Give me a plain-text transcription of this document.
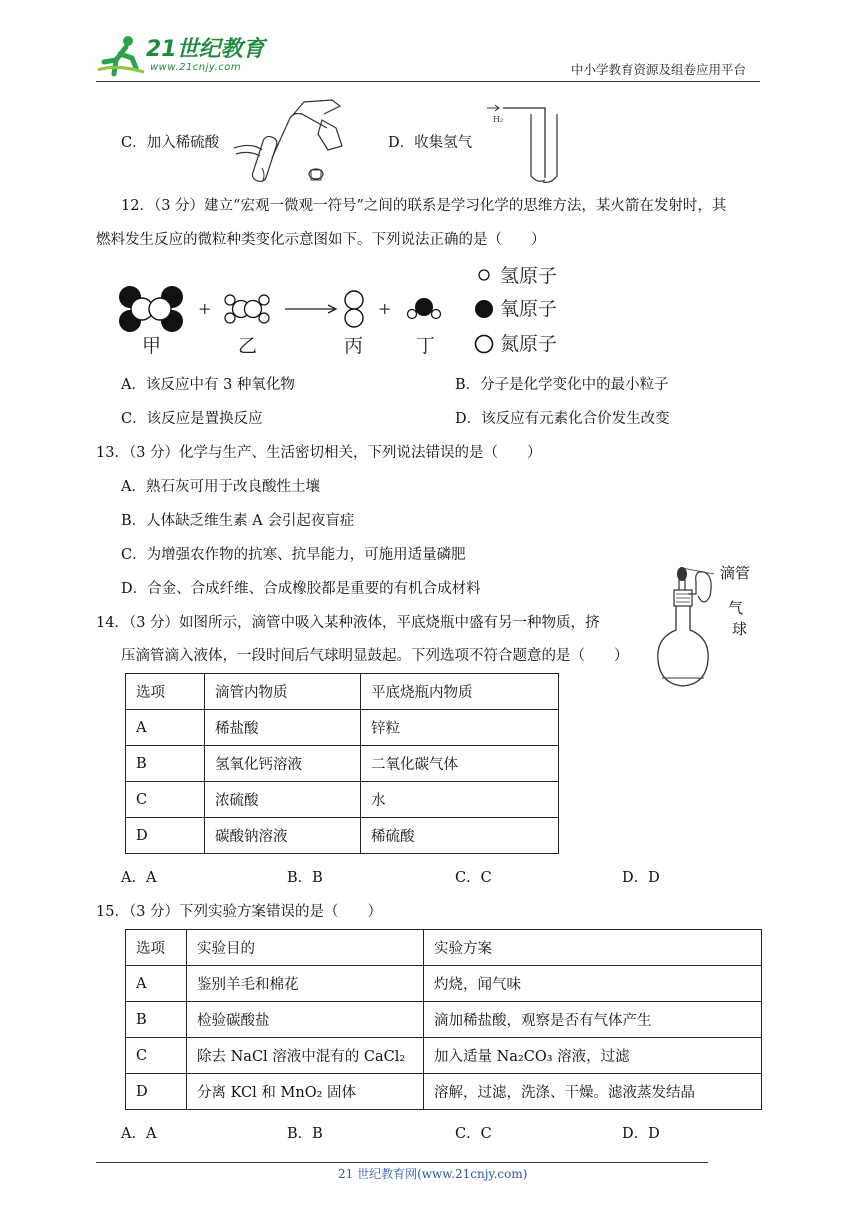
21世纪教育
www.21cnjy.com	中小学教育资源及组卷应用平台
C．加入稀硫酸	D．收集氢气
H₂
12．（3 分）建立“宏观一微观一符号”之间的联系是学习化学的思维方法，某火箭在发射时，其
燃料发生反应的微粒种类变化示意图如下。下列说法正确的是（　　）
+	+
甲	乙	丙	丁
氢原子
氧原子
氮原子
A．该反应中有 3 种氧化物	B．分子是化学变化中的最小粒子
C．该反应是置换反应	D．该反应有元素化合价发生改变
13．（3 分）化学与生产、生活密切相关，下列说法错误的是（　　）
A．熟石灰可用于改良酸性土壤
B．人体缺乏维生素 A 会引起夜盲症
C．为增强农作物的抗寒、抗旱能力，可施用适量磷肥
D．合金、合成纤维、合成橡胶都是重要的有机合成材料
14．（3 分）如图所示，滴管中吸入某种液体，平底烧瓶中盛有另一种物质，挤
压滴管滴入液体，一段时间后气球明显鼓起。下列选项不符合题意的是（　　）
滴管
气
球
选项	滴管内物质	平底烧瓶内物质
A	稀盐酸	锌粒
B	氢氧化钙溶液	二氧化碳气体
C	浓硫酸	水
D	碳酸钠溶液	稀硫酸
A．A	B．B	C．C	D．D
15．（3 分）下列实验方案错误的是（　　）
选项	实验目的	实验方案
A	鉴别羊毛和棉花	灼烧，闻气味
B	检验碳酸盐	滴加稀盐酸，观察是否有气体产生
C	除去 NaCl 溶液中混有的 CaCl₂	加入适量 Na₂CO₃ 溶液，过滤
D	分离 KCl 和 MnO₂ 固体	溶解，过滤，洗涤、干燥。滤液蒸发结晶
A．A	B．B	C．C	D．D
21 世纪教育网(www.21cnjy.com)
